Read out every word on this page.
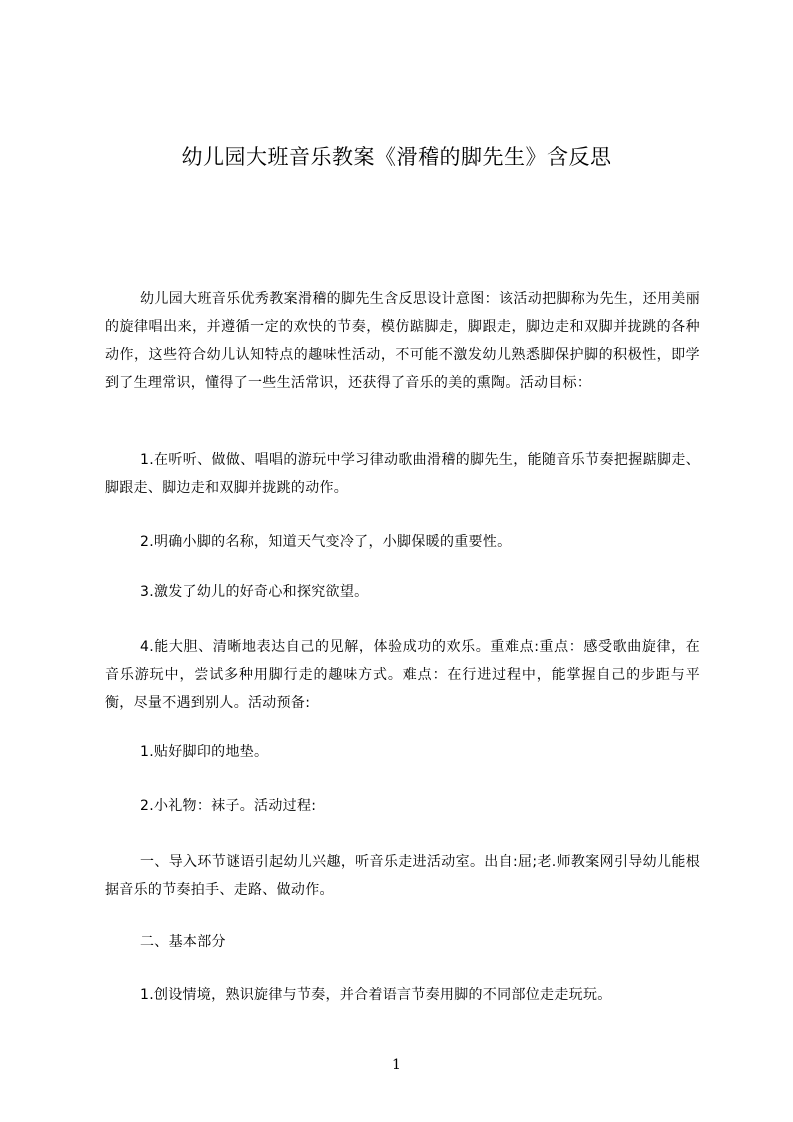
幼儿园大班音乐教案《滑稽的脚先生》含反思
幼儿园大班音乐优秀教案滑稽的脚先生含反思设计意图：该活动把脚称为先生，还用美丽的旋律唱出来，并遵循一定的欢快的节奏，模仿踮脚走，脚跟走，脚边走和双脚并拢跳的各种动作，这些符合幼儿认知特点的趣味性活动，不可能不激发幼儿熟悉脚保护脚的积极性，即学到了生理常识，懂得了一些生活常识，还获得了音乐的美的熏陶。活动目标：
1.在听听、做做、唱唱的游玩中学习律动歌曲滑稽的脚先生，能随音乐节奏把握踮脚走、脚跟走、脚边走和双脚并拢跳的动作。
2.明确小脚的名称，知道天气变冷了，小脚保暖的重要性。
3.激发了幼儿的好奇心和探究欲望。
4.能大胆、清晰地表达自己的见解，体验成功的欢乐。重难点:重点：感受歌曲旋律，在音乐游玩中，尝试多种用脚行走的趣味方式。难点：在行进过程中，能掌握自己的步距与平衡，尽量不遇到别人。活动预备:
1.贴好脚印的地垫。
2.小礼物：袜子。活动过程:
一、导入环节谜语引起幼儿兴趣，听音乐走进活动室。出自:屈;老.师教案网引导幼儿能根据音乐的节奏拍手、走路、做动作。
二、基本部分
1.创设情境，熟识旋律与节奏，并合着语言节奏用脚的不同部位走走玩玩。
1
